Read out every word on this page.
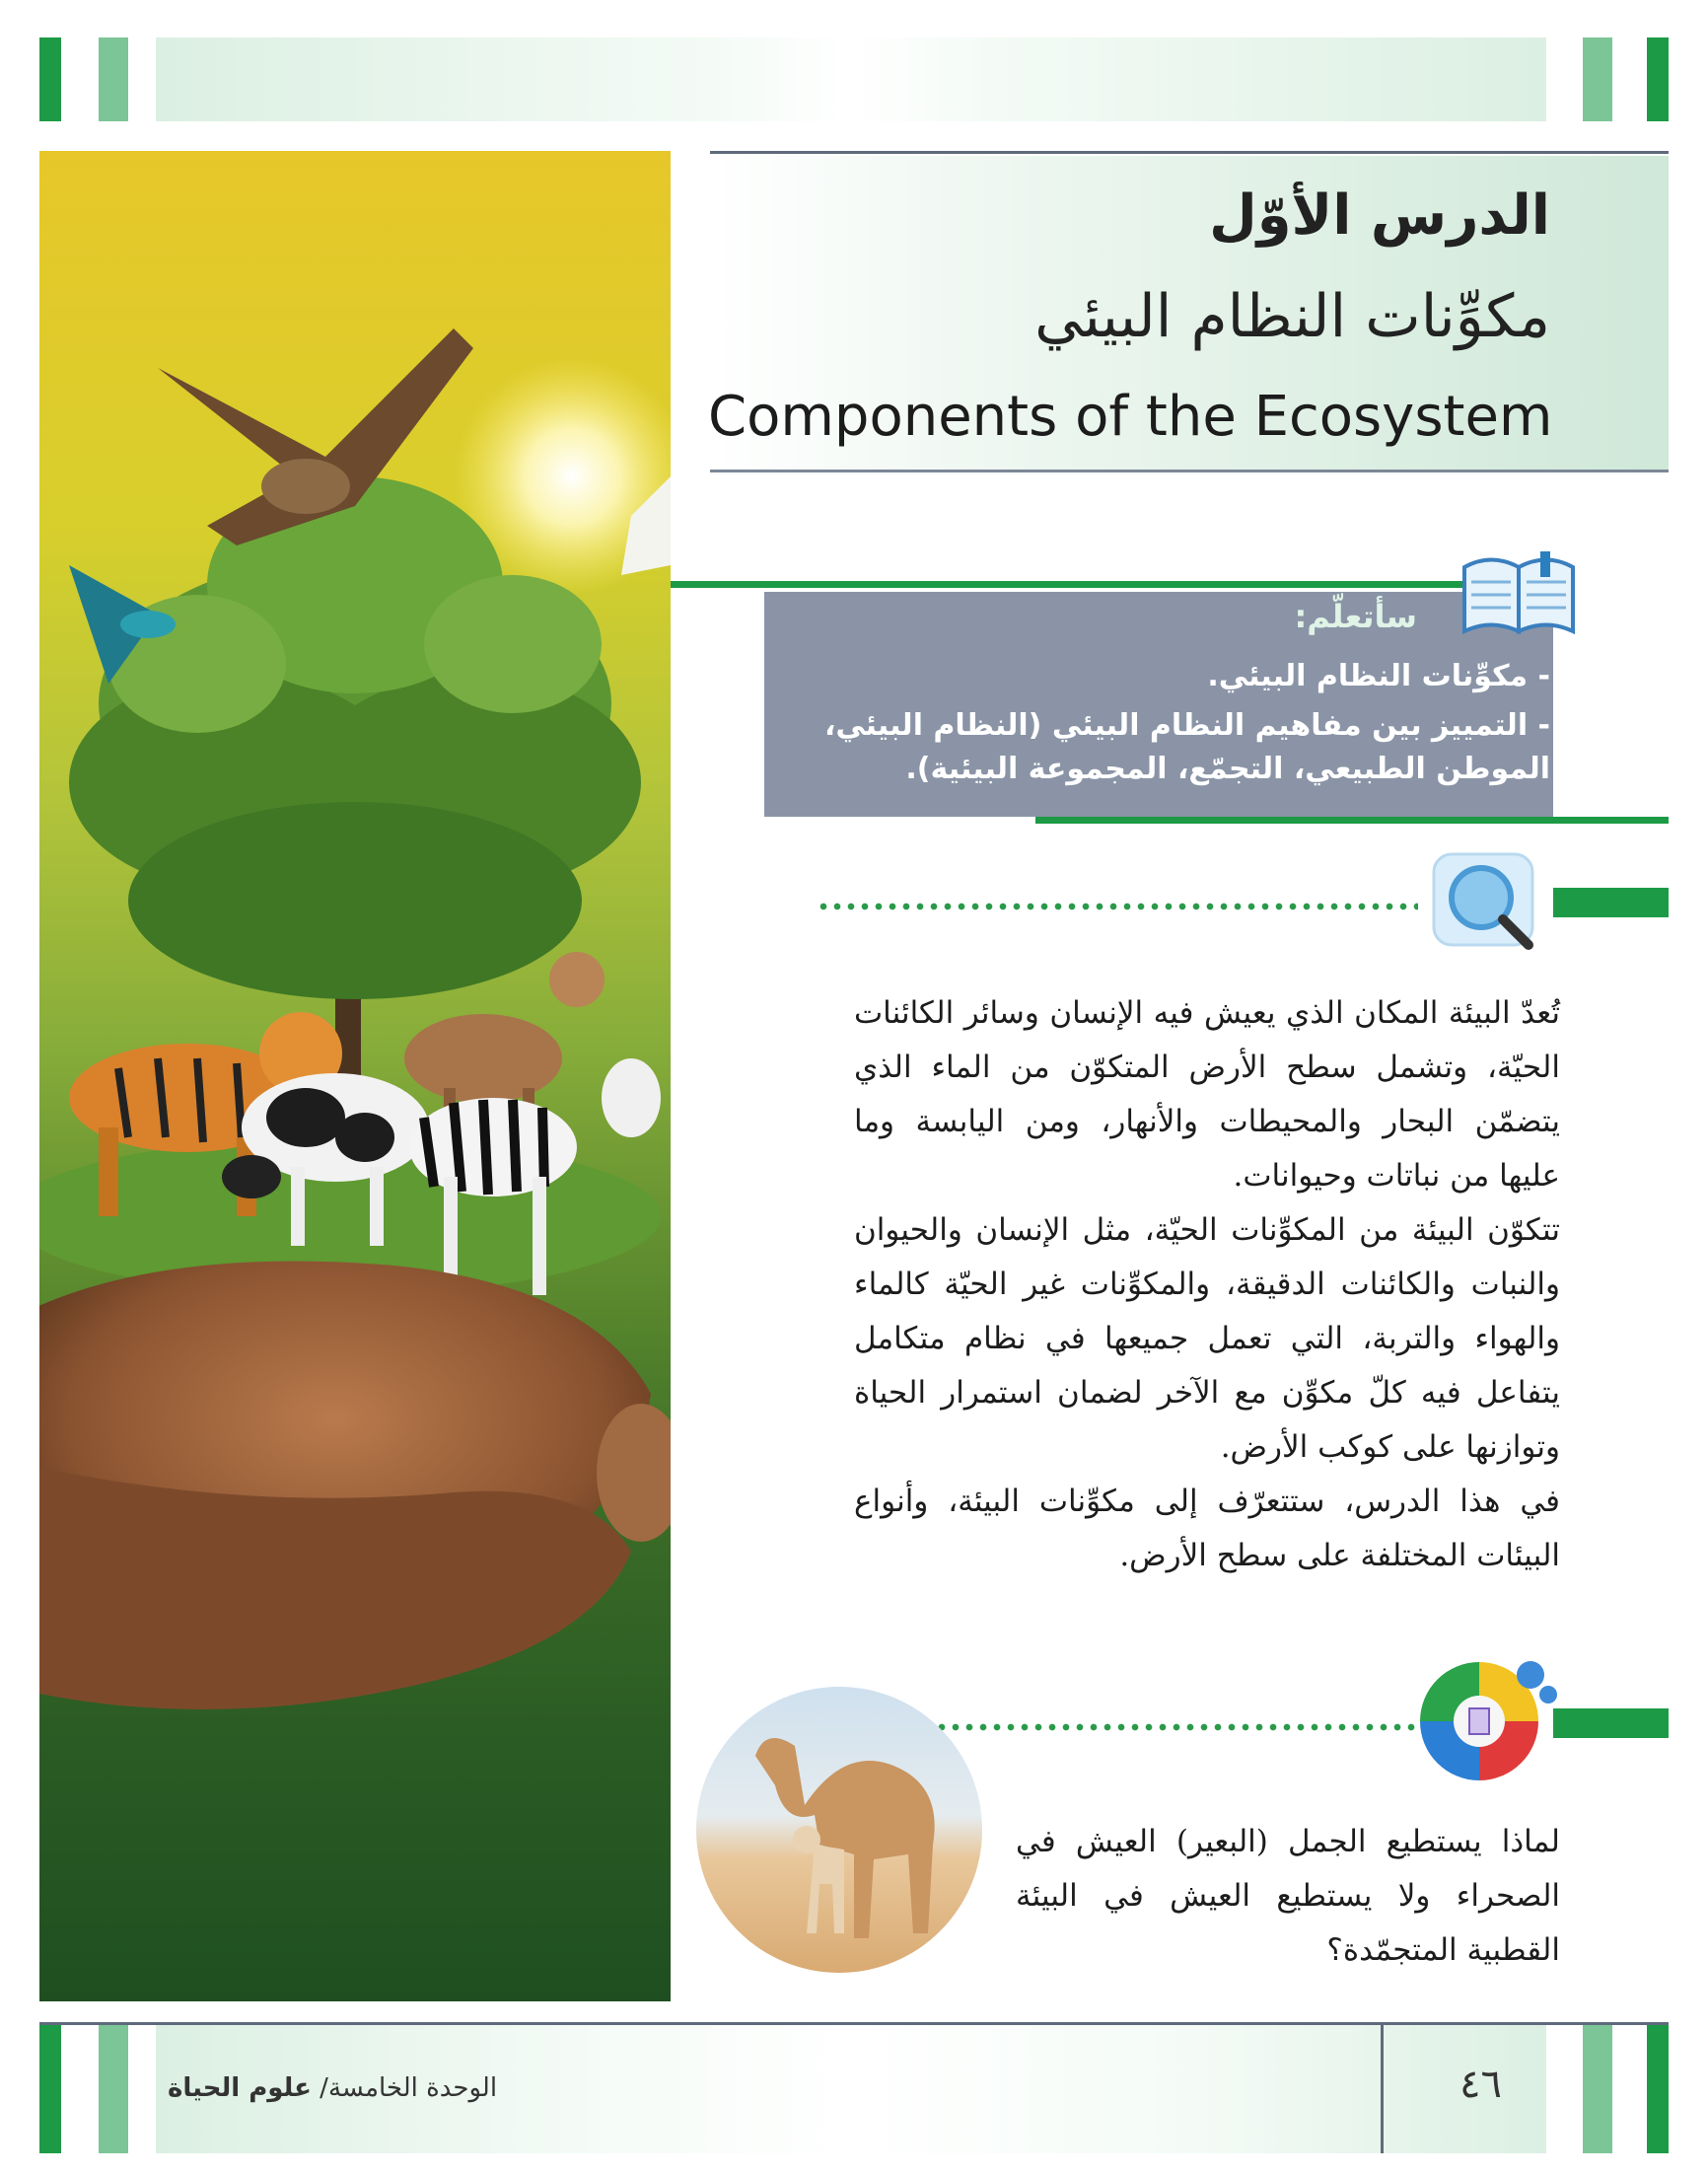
الدرس الأوّل
مكوِّنات النظام البيئي
Components of the Ecosystem
سأتعلّم:
- مكوِّنات النظام البيئي.
- التمييز بين مفاهيم النظام البيئي (النظام البيئي، الموطن الطبيعي، التجمّع، المجموعة البيئية).

تُعدّ البيئة المكان الذي يعيش فيه الإنسان وسائر الكائنات الحيّة، وتشمل سطح الأرض المتكوّن من الماء الذي يتضمّن البحار والمحيطات والأنهار، ومن اليابسة وما عليها من نباتات وحيوانات.

تتكوّن البيئة من المكوِّنات الحيّة، مثل الإنسان والحيوان والنبات والكائنات الدقيقة، والمكوِّنات غير الحيّة كالماء والهواء والتربة، التي تعمل جميعها في نظام متكامل يتفاعل فيه كلّ مكوِّن مع الآخر لضمان استمرار الحياة وتوازنها على كوكب الأرض.

في هذا الدرس، ستتعرّف إلى مكوِّنات البيئة، وأنواع البيئات المختلفة على سطح الأرض.

لماذا يستطيع الجمل (البعير) العيش في الصحراء ولا يستطيع العيش في البيئة القطبية المتجمّدة؟
الوحدة الخامسة/ علوم الحياة	٤٦
